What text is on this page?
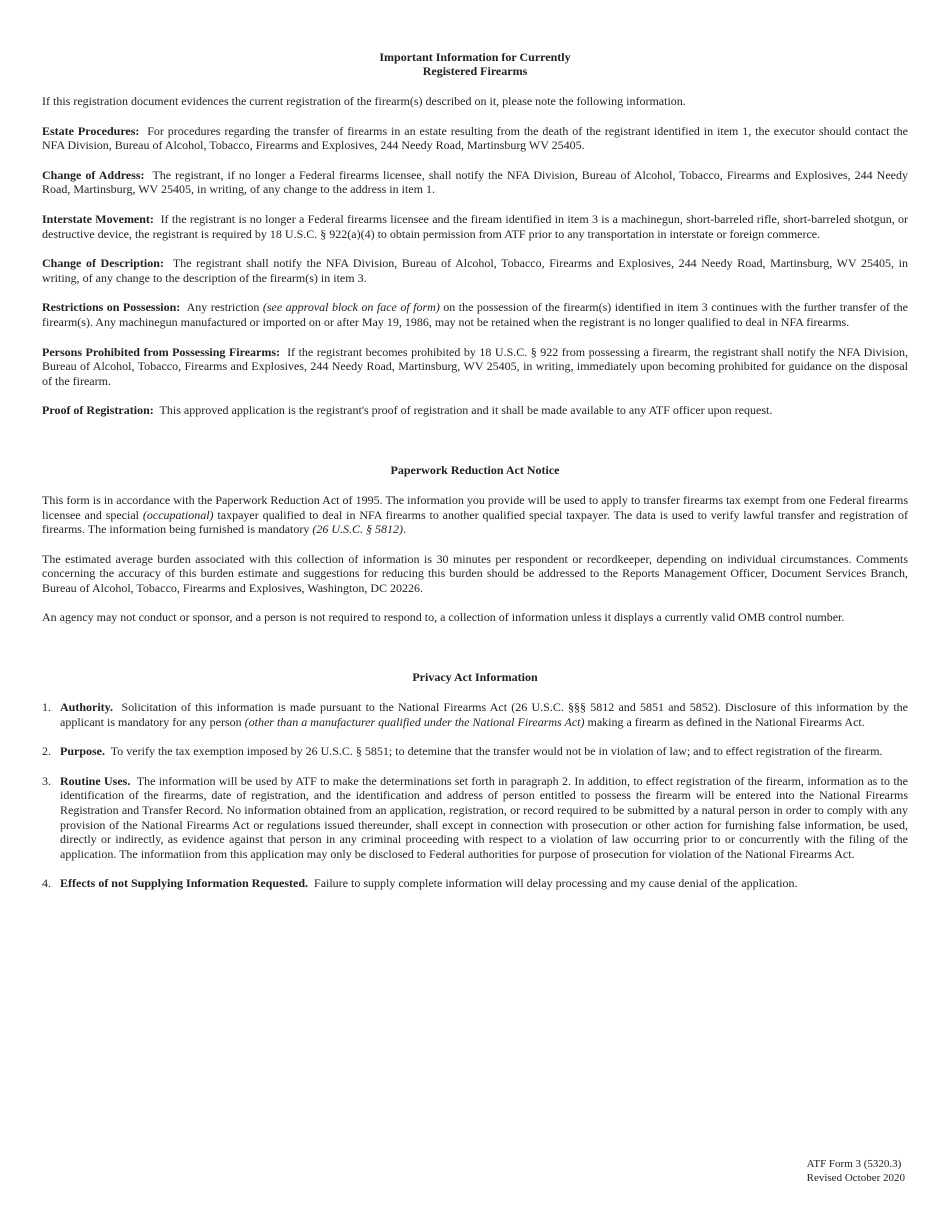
Important Information for Currently
Registered Firearms

If this registration document evidences the current registration of the firearm(s) described on it, please note the following information.

Estate Procedures: For procedures regarding the transfer of firearms in an estate resulting from the death of the registrant identified in item 1, the executor should contact the NFA Division, Bureau of Alcohol, Tobacco, Firearms and Explosives, 244 Needy Road, Martinsburg WV 25405.

Change of Address: The registrant, if no longer a Federal firearms licensee, shall notify the NFA Division, Bureau of Alcohol, Tobacco, Firearms and Explosives, 244 Needy Road, Martinsburg, WV 25405, in writing, of any change to the address in item 1.

Interstate Movement: If the registrant is no longer a Federal firearms licensee and the fiream identified in item 3 is a machinegun, short-barreled rifle, short-barreled shotgun, or destructive device, the registrant is required by 18 U.S.C. § 922(a)(4) to obtain permission from ATF prior to any transportation in interstate or foreign commerce.

Change of Description: The registrant shall notify the NFA Division, Bureau of Alcohol, Tobacco, Firearms and Explosives, 244 Needy Road, Martinsburg, WV 25405, in writing, of any change to the description of the firearm(s) in item 3.

Restrictions on Possession: Any restriction (see approval block on face of form) on the possession of the firearm(s) identified in item 3 continues with the further transfer of the firearm(s). Any machinegun manufactured or imported on or after May 19, 1986, may not be retained when the registrant is no longer qualified to deal in NFA firearms.

Persons Prohibited from Possessing Firearms: If the registrant becomes prohibited by 18 U.S.C. § 922 from possessing a firearm, the registrant shall notify the NFA Division, Bureau of Alcohol, Tobacco, Firearms and Explosives, 244 Needy Road, Martinsburg, WV 25405, in writing, immediately upon becoming prohibited for guidance on the disposal of the firearm.

Proof of Registration: This approved application is the registrant's proof of registration and it shall be made available to any ATF officer upon request.

Paperwork Reduction Act Notice

This form is in accordance with the Paperwork Reduction Act of 1995. The information you provide will be used to apply to transfer firearms tax exempt from one Federal firearms licensee and special (occupational) taxpayer qualified to deal in NFA firearms to another qualified special taxpayer. The data is used to verify lawful transfer and registration of firearms. The information being furnished is mandatory (26 U.S.C. § 5812).

The estimated average burden associated with this collection of information is 30 minutes per respondent or recordkeeper, depending on individual circumstances. Comments concerning the accuracy of this burden estimate and suggestions for reducing this burden should be addressed to the Reports Management Officer, Document Services Branch, Bureau of Alcohol, Tobacco, Firearms and Explosives, Washington, DC 20226.

An agency may not conduct or sponsor, and a person is not required to respond to, a collection of information unless it displays a currently valid OMB control number.

Privacy Act Information
1. Authority. Solicitation of this information is made pursuant to the National Firearms Act (26 U.S.C. §§§ 5812 and 5851 and 5852). Disclosure of this information by the applicant is mandatory for any person (other than a manufacturer qualified under the National Firearms Act) making a firearm as defined in the National Firearms Act.
2. Purpose. To verify the tax exemption imposed by 26 U.S.C. § 5851; to detemine that the transfer would not be in violation of law; and to effect registration of the firearm.
3. Routine Uses. The information will be used by ATF to make the determinations set forth in paragraph 2. In addition, to effect registration of the firearm, information as to the identification of the firearms, date of registration, and the identification and address of person entitled to possess the firearm will be entered into the National Firearms Registration and Transfer Record. No information obtained from an application, registration, or record required to be submitted by a natural person in order to comply with any provision of the National Firearms Act or regulations issued thereunder, shall except in connection with prosecution or other action for furnishing false information, be used, directly or indirectly, as evidence against that person in any criminal proceeding with respect to a violation of law occurring prior to or concurrently with the filing of the application. The informatiion from this application may only be disclosed to Federal authorities for purpose of prosecution for violation of the National Firearms Act.
4. Effects of not Supplying Information Requested. Failure to supply complete information will delay processing and my cause denial of the application.
ATF Form 3 (5320.3)
Revised October 2020
